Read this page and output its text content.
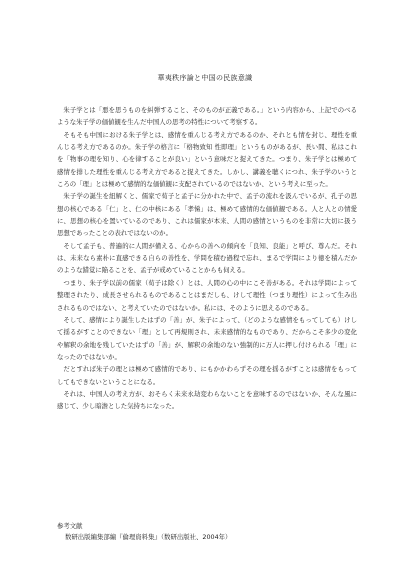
華夷秩序論と中国の民族意識

朱子学とは「悪を思うものを糾弾すること、そのものが正義である。」という内容から、上記でのべるような朱子学の価値観を生んだ中国人の思考の特性について考察する。

そもそも中国における朱子学とは、感情を重んじる考え方であるのか、それとも情を封じ、理性を重んじる考え方であるのか。朱子学の格言に「格物致知 性即理」というものがあるが、長い間、私はこれを「物事の理を知り、心を律することが良い」という意味だと捉えてきた。つまり、朱子学とは極めて感情を排した理性を重んじる考え方であると捉えてきた。しかし、講義を聴くにつれ、朱子学のいうところの「理」とは極めて感情的な価値観に支配されているのではないか、という考えに至った。

朱子学の誕生を紐解くと、儒家で荀子と孟子に分かれた中で、孟子の流れを汲んでいるが、孔子の思想の核心である「仁」と、仁の中核にある「孝悌」は、極めて感情的な価値観である。人と人との情愛に、思想の核心を置いているのであり、これは儒家が本来、人間の感情というものを非常に大切に扱う思想であったことの表れではないのか。

そして孟子も、普遍的に人間が備える、心からの善への傾向を「良知、良能」と呼び、尊んだ。それは、未来なら素朴に直感できる自らの善性を、学問を積む過程で忘れ、まるで学問により徳を積んだかのような錯覚に陥ることを、孟子が戒めていることからも伺える。

つまり、朱子学以前の儒家（荀子は除く）とは、人間の心の中にこそ善がある。それは学問によって整理されたり、成長させられるものであることはまだしも、けして理性（つまり理性）によって生み出されるものではない、と考えていたのではないか。私には、そのように思えるのである。

そして、感情により誕生したはずの「善」が、朱子によって、（どのような感情をもってしても）けして揺るがすことのできない「理」として再規則され、未来感情的なものであり、だからこそ多少の変化や解釈の余地を残していたはずの「善」が、解釈の余地のない強制的に万人に押し付けられる「理」になったのではないか。

だとすれば朱子の理とは極めて感情的であり、にもかかわらずその理を揺るがすことは感情をもってしてもできないということになる。

それは、中国人の考え方が、おそらく未来永劫変わらないことを意味するのではないか、そんな風に感じて、少し暗澹とした気持ちになった。

参考文献

数研出版編集部編『倫理資料集』（数研出版社、2004年）
